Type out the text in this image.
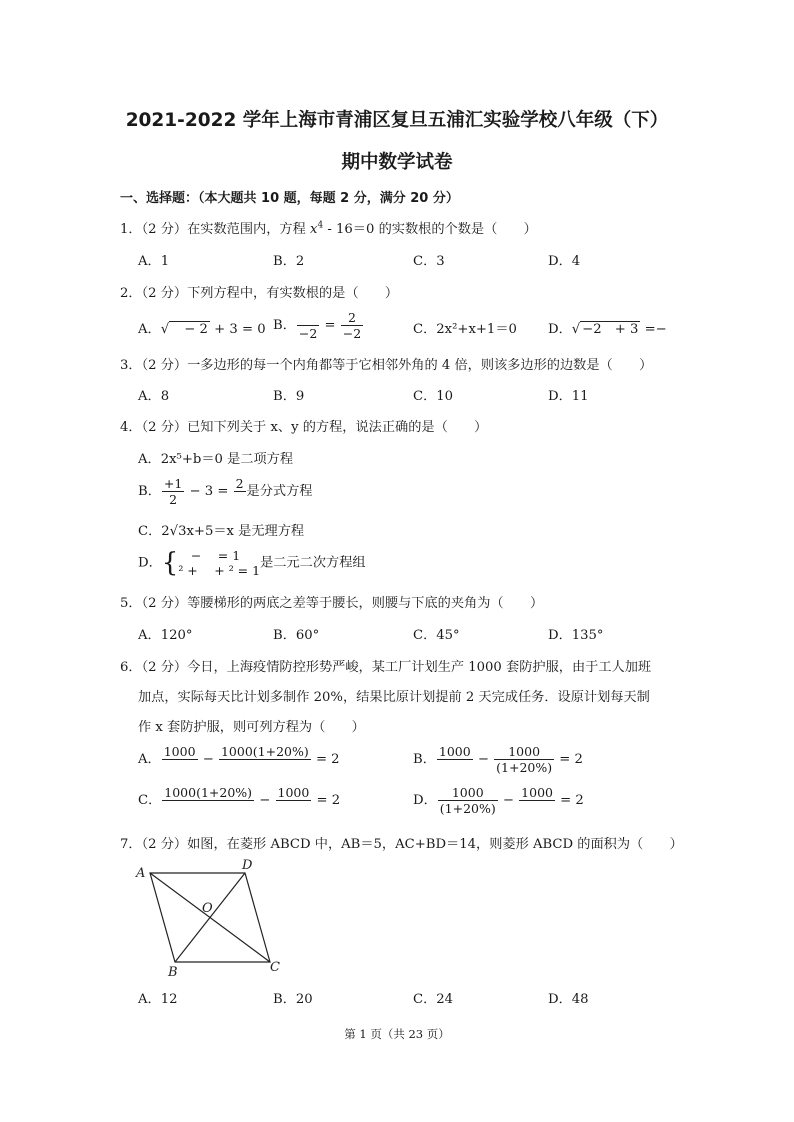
2021-2022 学年上海市青浦区复旦五浦汇实验学校八年级（下）
期中数学试卷
一、选择题：（本大题共 10 题，每题 2 分，满分 20 分）
1．（2 分）在实数范围内，方程 $x^4 - 16=0$ 的实数根的个数是（　　）
A．1	B．2	C．3	D．4
2．（2 分）下列方程中，有实数根的是（　　）
A．√　− 2 + 3 = 0 B．

−2
= $\frac{2}{-2}$	C．2x²+x+1＝0 D．√ −2　+ 3 =−
3．（2 分）一多边形的每一个内角都等于它相邻外角的 4 倍，则该多边形的边数是（　　）
A．8	B．9	C．10	D．11
4．（2 分）已知下列关于 x、y 的方程，说法正确的是（　　）
A．2x⁵+b＝0 是二项方程
B． $\frac{+1}{2} - 3$ =
2

是分式方程
C．2√3x+5＝x 是无理方程
D．{ 　−　 = 1
² +　 + ² = 1 是二元二次方程组
5．（2 分）等腰梯形的两底之差等于腰长，则腰与下底的夹角为（　　）
A．120°	B．60°	C．45°	D．135°
6．（2 分）今日，上海疫情防控形势严峻，某工厂计划生产 1000 套防护服，由于工人加班
加点，实际每天比计划多制作 20%，结果比原计划提前 2 天完成任务．设原计划每天制
作 x 套防护服，则可列方程为（　　）
A．
1000

−
1000(1+20%)

= 2	B．
1000

− $\frac{1000}{(1+20\%)} = 2$
C．
1000(1+20%)

−
1000

= 2	D． $\frac{1000}{(1+20\%)}$ −
1000

= 2
7．（2 分）如图，在菱形 ABCD 中，AB＝5，AC+BD＝14，则菱形 ABCD 的面积为（　　）
A
D
O
B	C
A．12	B．20	C．24	D．48
第 1 页（共 23 页）
